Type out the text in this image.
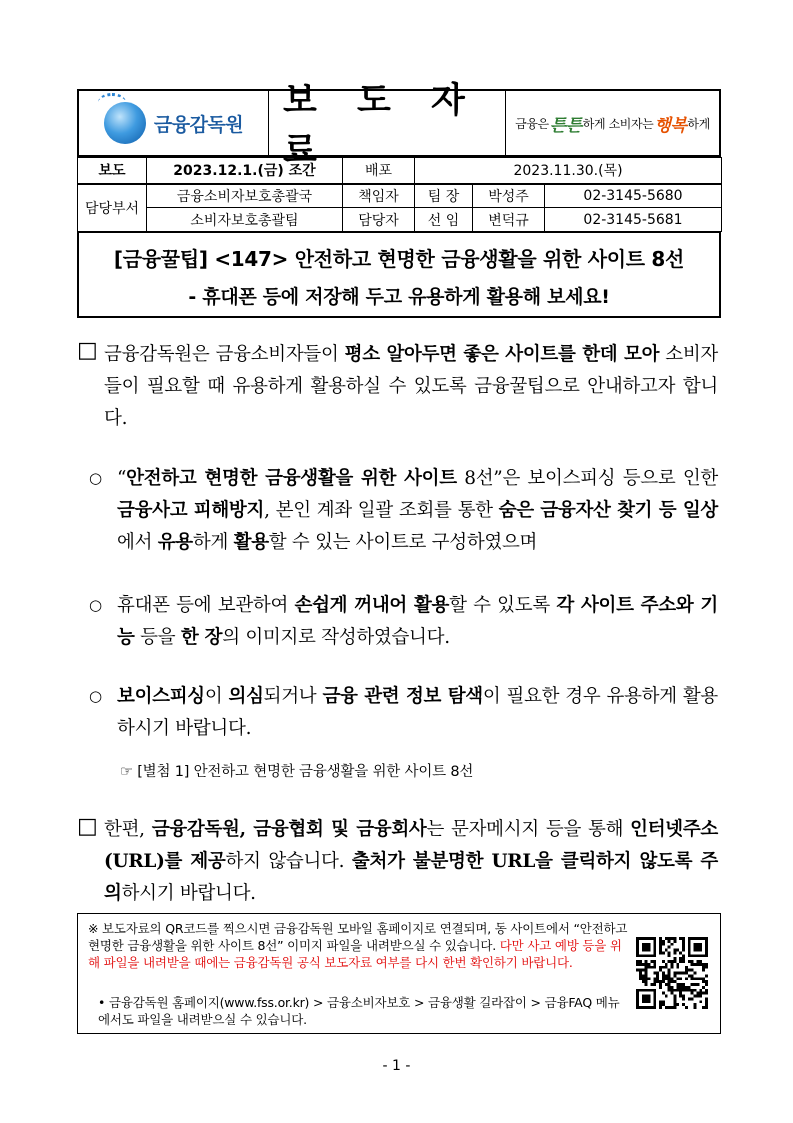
금융감독원
보 도 자 료
금융은 튼튼 하게 소비자는 행복 하게
보도	2023.12.1.(금) 조간	배포	2023.11.30.(목)		
담당부서	금융소비자보호총괄국	책임자	팀 장	박성주	02-3145-5680
	소비자보호총괄팀	담당자	선 임	변덕규	02-3145-5681
[금융꿀팁] <147> 안전하고 현명한 금융생활을 위한 사이트 8선
- 휴대폰 등에 저장해 두고 유용하게 활용해 보세요!
□ 금융감독원은 금융소비자들이 평소 알아두면 좋은 사이트를 한데 모아 소비자들이 필요할 때 유용하게 활용하실 수 있도록 금융꿀팁으로 안내하고자 합니다.
○ “안전하고 현명한 금융생활을 위한 사이트 8선”은 보이스피싱 등으로 인한 금융사고 피해방지, 본인 계좌 일괄 조회를 통한 숨은 금융자산 찾기 등 일상에서 유용하게 활용할 수 있는 사이트로 구성하였으며
○ 휴대폰 등에 보관하여 손쉽게 꺼내어 활용할 수 있도록 각 사이트 주소와 기능 등을 한 장의 이미지로 작성하였습니다.
○ 보이스피싱이 의심되거나 금융 관련 정보 탐색이 필요한 경우 유용하게 활용하시기 바랍니다.
☞ [별첨 1] 안전하고 현명한 금융생활을 위한 사이트 8선
□ 한편, 금융감독원, 금융협회 및 금융회사는 문자메시지 등을 통해 인터넷주소(URL)를 제공하지 않습니다. 출처가 불분명한 URL을 클릭하지 않도록 주의하시기 바랍니다.
※ 보도자료의 QR코드를 찍으시면 금융감독원 모바일 홈페이지로 연결되며, 동 사이트에서 “안전하고 현명한 금융생활을 위한 사이트 8선” 이미지 파일을 내려받으실 수 있습니다. 다만 사고 예방 등을 위해 파일을 내려받을 때에는 금융감독원 공식 보도자료 여부를 다시 한번 확인하기 바랍니다.
• 금융감독원 홈페이지(www.fss.or.kr) > 금융소비자보호 > 금융생활 길라잡이 > 금융FAQ 메뉴에서도 파일을 내려받으실 수 있습니다.
- 1 -
